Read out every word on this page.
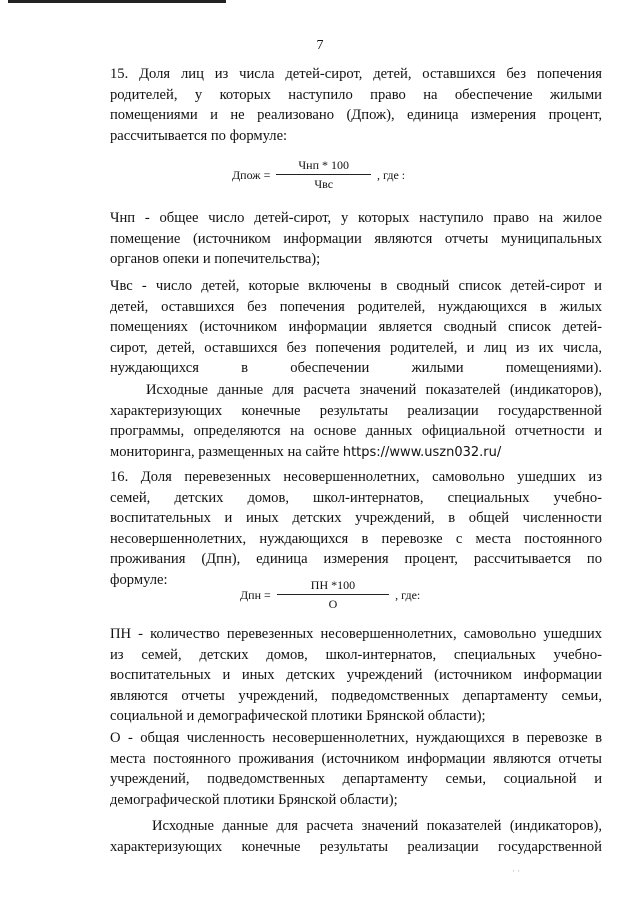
7
15. Доля лиц из числа детей-сирот, детей, оставшихся без попечения
родителей, у которых наступило право на обеспечение жилыми
помещениями и не реализовано (Дпож), единица измерения процент,
рассчитывается по формуле:
Дпож = $\frac{\text{Чнп * 100}}{\text{Чвс}}$ , где :
Чнп - общее число детей-сирот, у которых наступило право на жилое
помещение (источником информации являются отчеты муниципальных
органов опеки и попечительства);
Чвс - число детей, которые включены в сводный список детей-сирот и
детей, оставшихся без попечения родителей, нуждающихся в жилых
помещениях (источником информации является сводный список детей-
сирот, детей, оставшихся без попечения родителей, и лиц из их числа,
нуждающихся в обеспечении жилыми помещениями).
Исходные данные для расчета значений показателей (индикаторов),
характеризующих конечные результаты реализации государственной
программы, определяются на основе данных официальной отчетности и
мониторинга, размещенных на сайте https://www.uszn032.ru/
16. Доля перевезенных несовершеннолетних, самовольно ушедших из
семей, детских домов, школ-интернатов, специальных учебно-
воспитательных и иных детских учреждений, в общей численности
несовершеннолетних, нуждающихся в перевозке с места постоянного
проживания (Дпн), единица измерения процент, рассчитывается по
формуле:
Дпн = $\frac{ПН *100}{О}$ , где:
ПН - количество перевезенных несовершеннолетних, самовольно ушедших
из семей, детских домов, школ-интернатов, специальных учебно-
воспитательных и иных детских учреждений (источником информации
являются отчеты учреждений, подведомственных департаменту семьи,
социальной и демографической плотики Брянской области);
О - общая численность несовершеннолетних, нуждающихся в перевозке в
места постоянного проживания (источником информации являются отчеты
учреждений, подведомственных департаменту семьи, социальной и
демографической плотики Брянской области);
Исходные данные для расчета значений показателей (индикаторов),
характеризующих конечные результаты реализации государственной
· ·
